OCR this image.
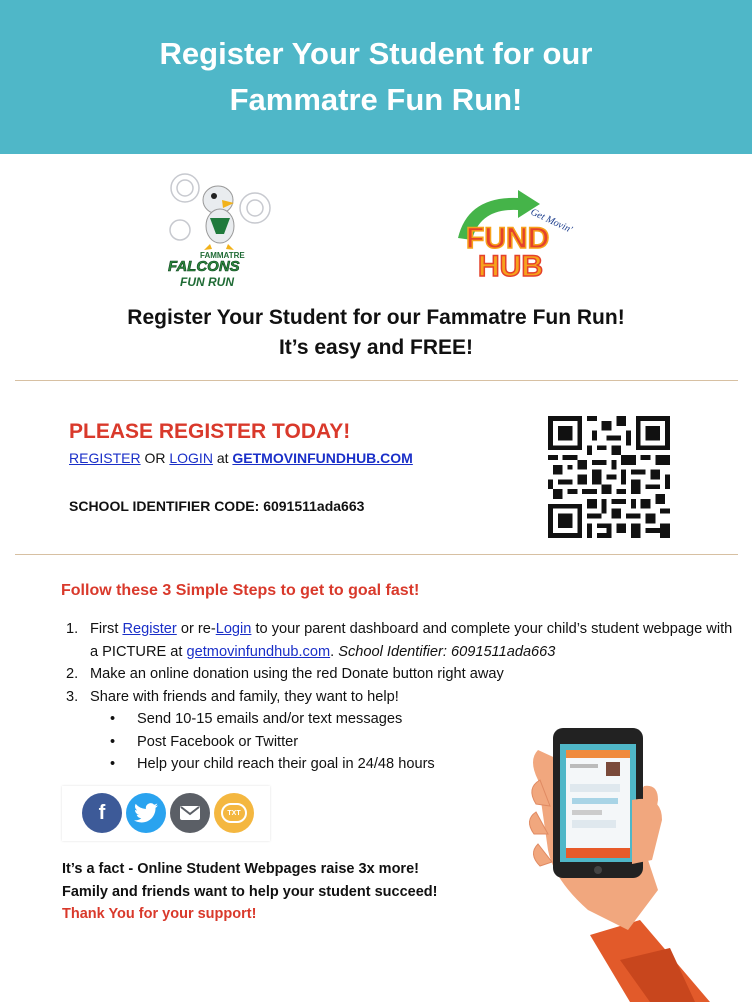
Register Your Student for our Fammatre Fun Run!
FAMMATRE
FALCONS
FUN RUN
Get Movin'
FUND
HUB
Register Your Student for our Fammatre Fun Run!
It’s easy and FREE!
PLEASE REGISTER TODAY!
REGISTER OR LOGIN at GETMOVINFUNDHUB.COM
SCHOOL IDENTIFIER CODE: 6091511ada663
Follow these 3 Simple Steps to get to goal fast!
1. First Register or re-Login to your parent dashboard and complete your child’s student webpage with a PICTURE at getmovinfundhub.com. School Identifier: 6091511ada663
2. Make an online donation using the red Donate button right away
3. Share with friends and family, they want to help!
•	Send 10-15 emails and/or text messages
•	Post Facebook or Twitter
•	Help your child reach their goal in 24/48 hours
f	TXT
It’s a fact - Online Student Webpages raise 3x more!
Family and friends want to help your student succeed!
Thank You for your support!
